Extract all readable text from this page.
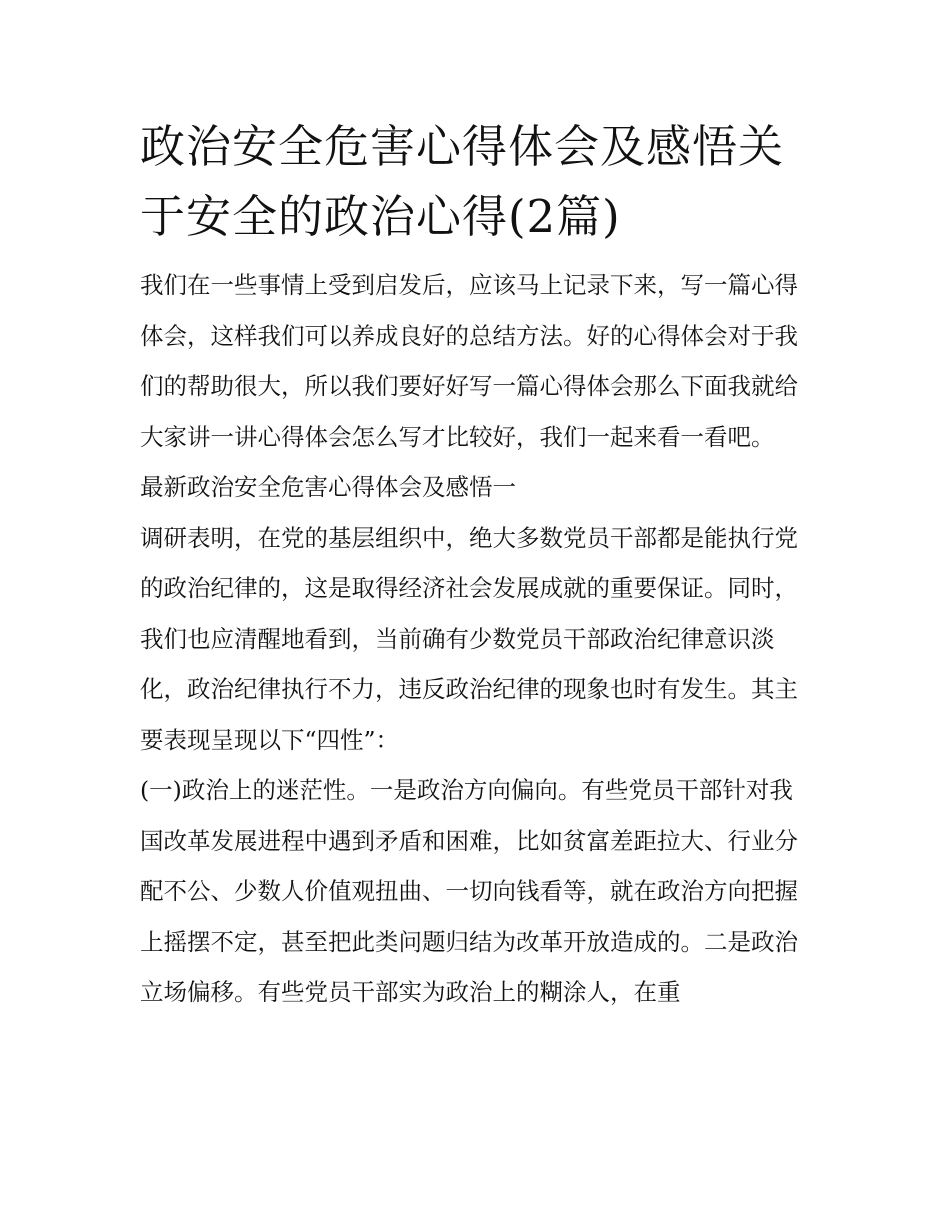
政治安全危害心得体会及感悟关于安全的政治心得(2篇)

我们在一些事情上受到启发后，应该马上记录下来，写一篇心得体会，这样我们可以养成良好的总结方法。好的心得体会对于我们的帮助很大，所以我们要好好写一篇心得体会那么下面我就给大家讲一讲心得体会怎么写才比较好，我们一起来看一看吧。

最新政治安全危害心得体会及感悟一

调研表明，在党的基层组织中，绝大多数党员干部都是能执行党的政治纪律的，这是取得经济社会发展成就的重要保证。同时，我们也应清醒地看到，当前确有少数党员干部政治纪律意识淡化，政治纪律执行不力，违反政治纪律的现象也时有发生。其主要表现呈现以下“四性”：

(一)政治上的迷茫性。一是政治方向偏向。有些党员干部针对我国改革发展进程中遇到矛盾和困难，比如贫富差距拉大、行业分配不公、少数人价值观扭曲、一切向钱看等，就在政治方向把握上摇摆不定，甚至把此类问题归结为改革开放造成的。二是政治立场偏移。有些党员干部实为政治上的糊涂人，在重
